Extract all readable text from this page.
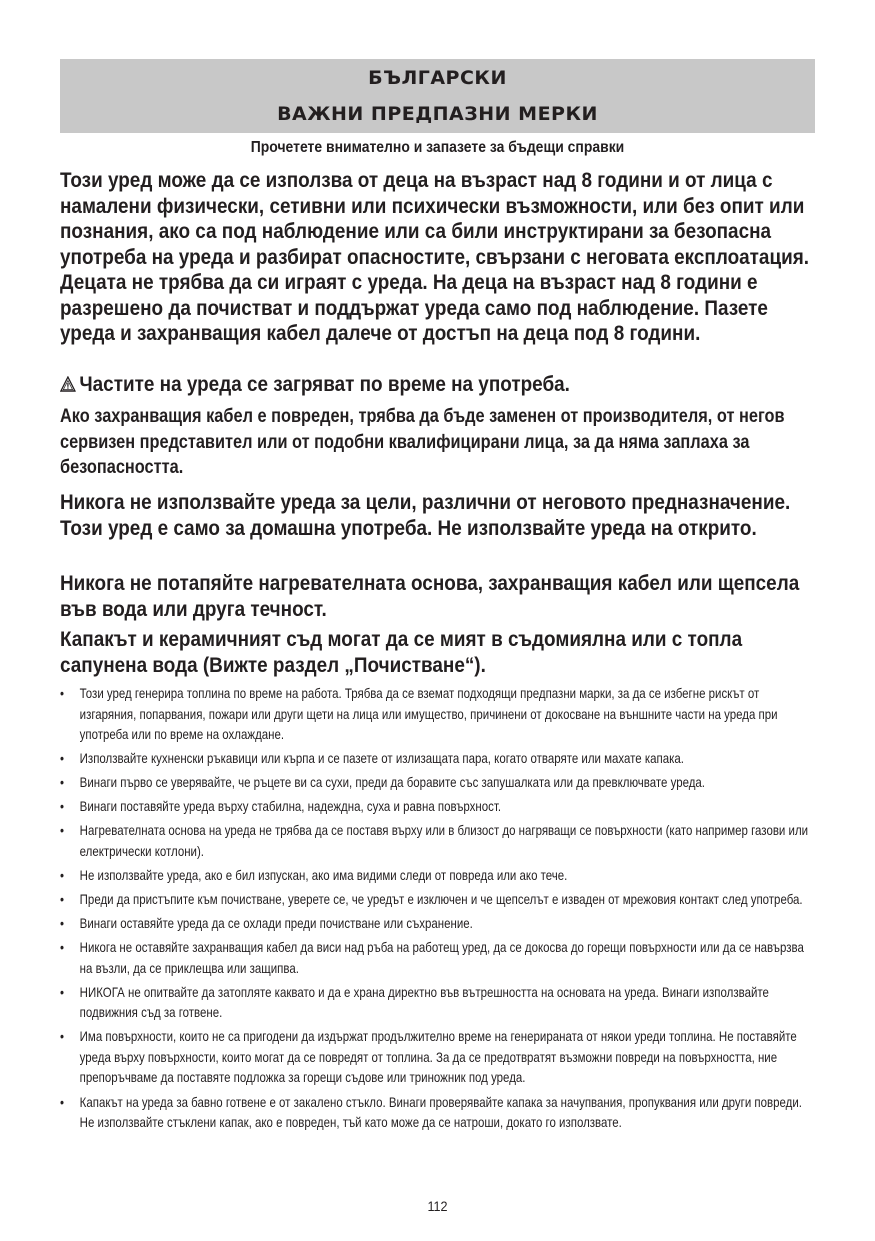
БЪЛГАРСКИ
ВАЖНИ ПРЕДПАЗНИ МЕРКИ
Прочетете внимателно и запазете за бъдещи справки

Този уред може да се използва от деца на възраст над 8 години и от лица с намалени физически, сетивни или психически възможности, или без опит или познания, ако са под наблюдение или са били инструктирани за безопасна употреба на уреда и разбират опасностите, свързани с неговата експлоатация. Децата не трябва да си играят с уреда. На деца на възраст над 8 години е разрешено да почистват и поддържат уреда само под наблюдение. Пазете уреда и захранващия кабел далече от достъп на деца под 8 години.

Частите на уреда се загряват по време на употреба.

Ако захранващия кабел е повреден, трябва да бъде заменен от производителя, от негов сервизен представител или от подобни квалифицирани лица, за да няма заплаха за безопасността.

Никога не използвайте уреда за цели, различни от неговото предназначение. Този уред е само за домашна употреба. Не използвайте уреда на открито.

Никога не потапяйте нагревателната основа, захранващия кабел или щепсела във вода или друга течност.

Капакът и керамичният съд могат да се мият в съдомиялна или с топла сапунена вода (Вижте раздел „Почистване“).

• Този уред генерира топлина по време на работа. Трябва да се вземат подходящи предпазни марки, за да се избегне рискът от изгаряния, попарвания, пожари или други щети на лица или имущество, причинени от докосване на външните части на уреда при употреба или по време на охлаждане.
• Използвайте кухненски ръкавици или кърпа и се пазете от излизащата пара, когато отваряте или махате капака.
• Винаги първо се уверявайте, че ръцете ви са сухи, преди да боравите със запушалката или да превключвате уреда.
• Винаги поставяйте уреда върху стабилна, надеждна, суха и равна повърхност.
• Нагревателната основа на уреда не трябва да се поставя върху или в близост до нагряващи се повърхности (като например газови или електрически котлони).
• Не използвайте уреда, ако е бил изпускан, ако има видими следи от повреда или ако тече.
• Преди да пристъпите към почистване, уверете се, че уредът е изключен и че щепселът е изваден от мрежовия контакт след употреба.
• Винаги оставяйте уреда да се охлади преди почистване или съхранение.
• Никога не оставяйте захранващия кабел да виси над ръба на работещ уред, да се докосва до горещи повърхности или да се навързва на възли, да се приклещва или защипва.
• НИКОГА не опитвайте да затопляте каквато и да е храна директно във вътрешността на основата на уреда. Винаги използвайте подвижния съд за готвене.
• Има повърхности, които не са пригодени да издържат продължително време на генерираната от някои уреди топлина. Не поставяйте уреда върху повърхности, които могат да се повредят от топлина. За да се предотвратят възможни повреди на повърхността, ние препоръчваме да поставяте подложка за горещи съдове или триножник под уреда.
• Капакът на уреда за бавно готвене е от закалено стъкло. Винаги проверявайте капака за начупвания, пропуквания или други повреди. Не използвайте стъклени капак, ако е повреден, тъй като може да се натроши, докато го използвате.
112
